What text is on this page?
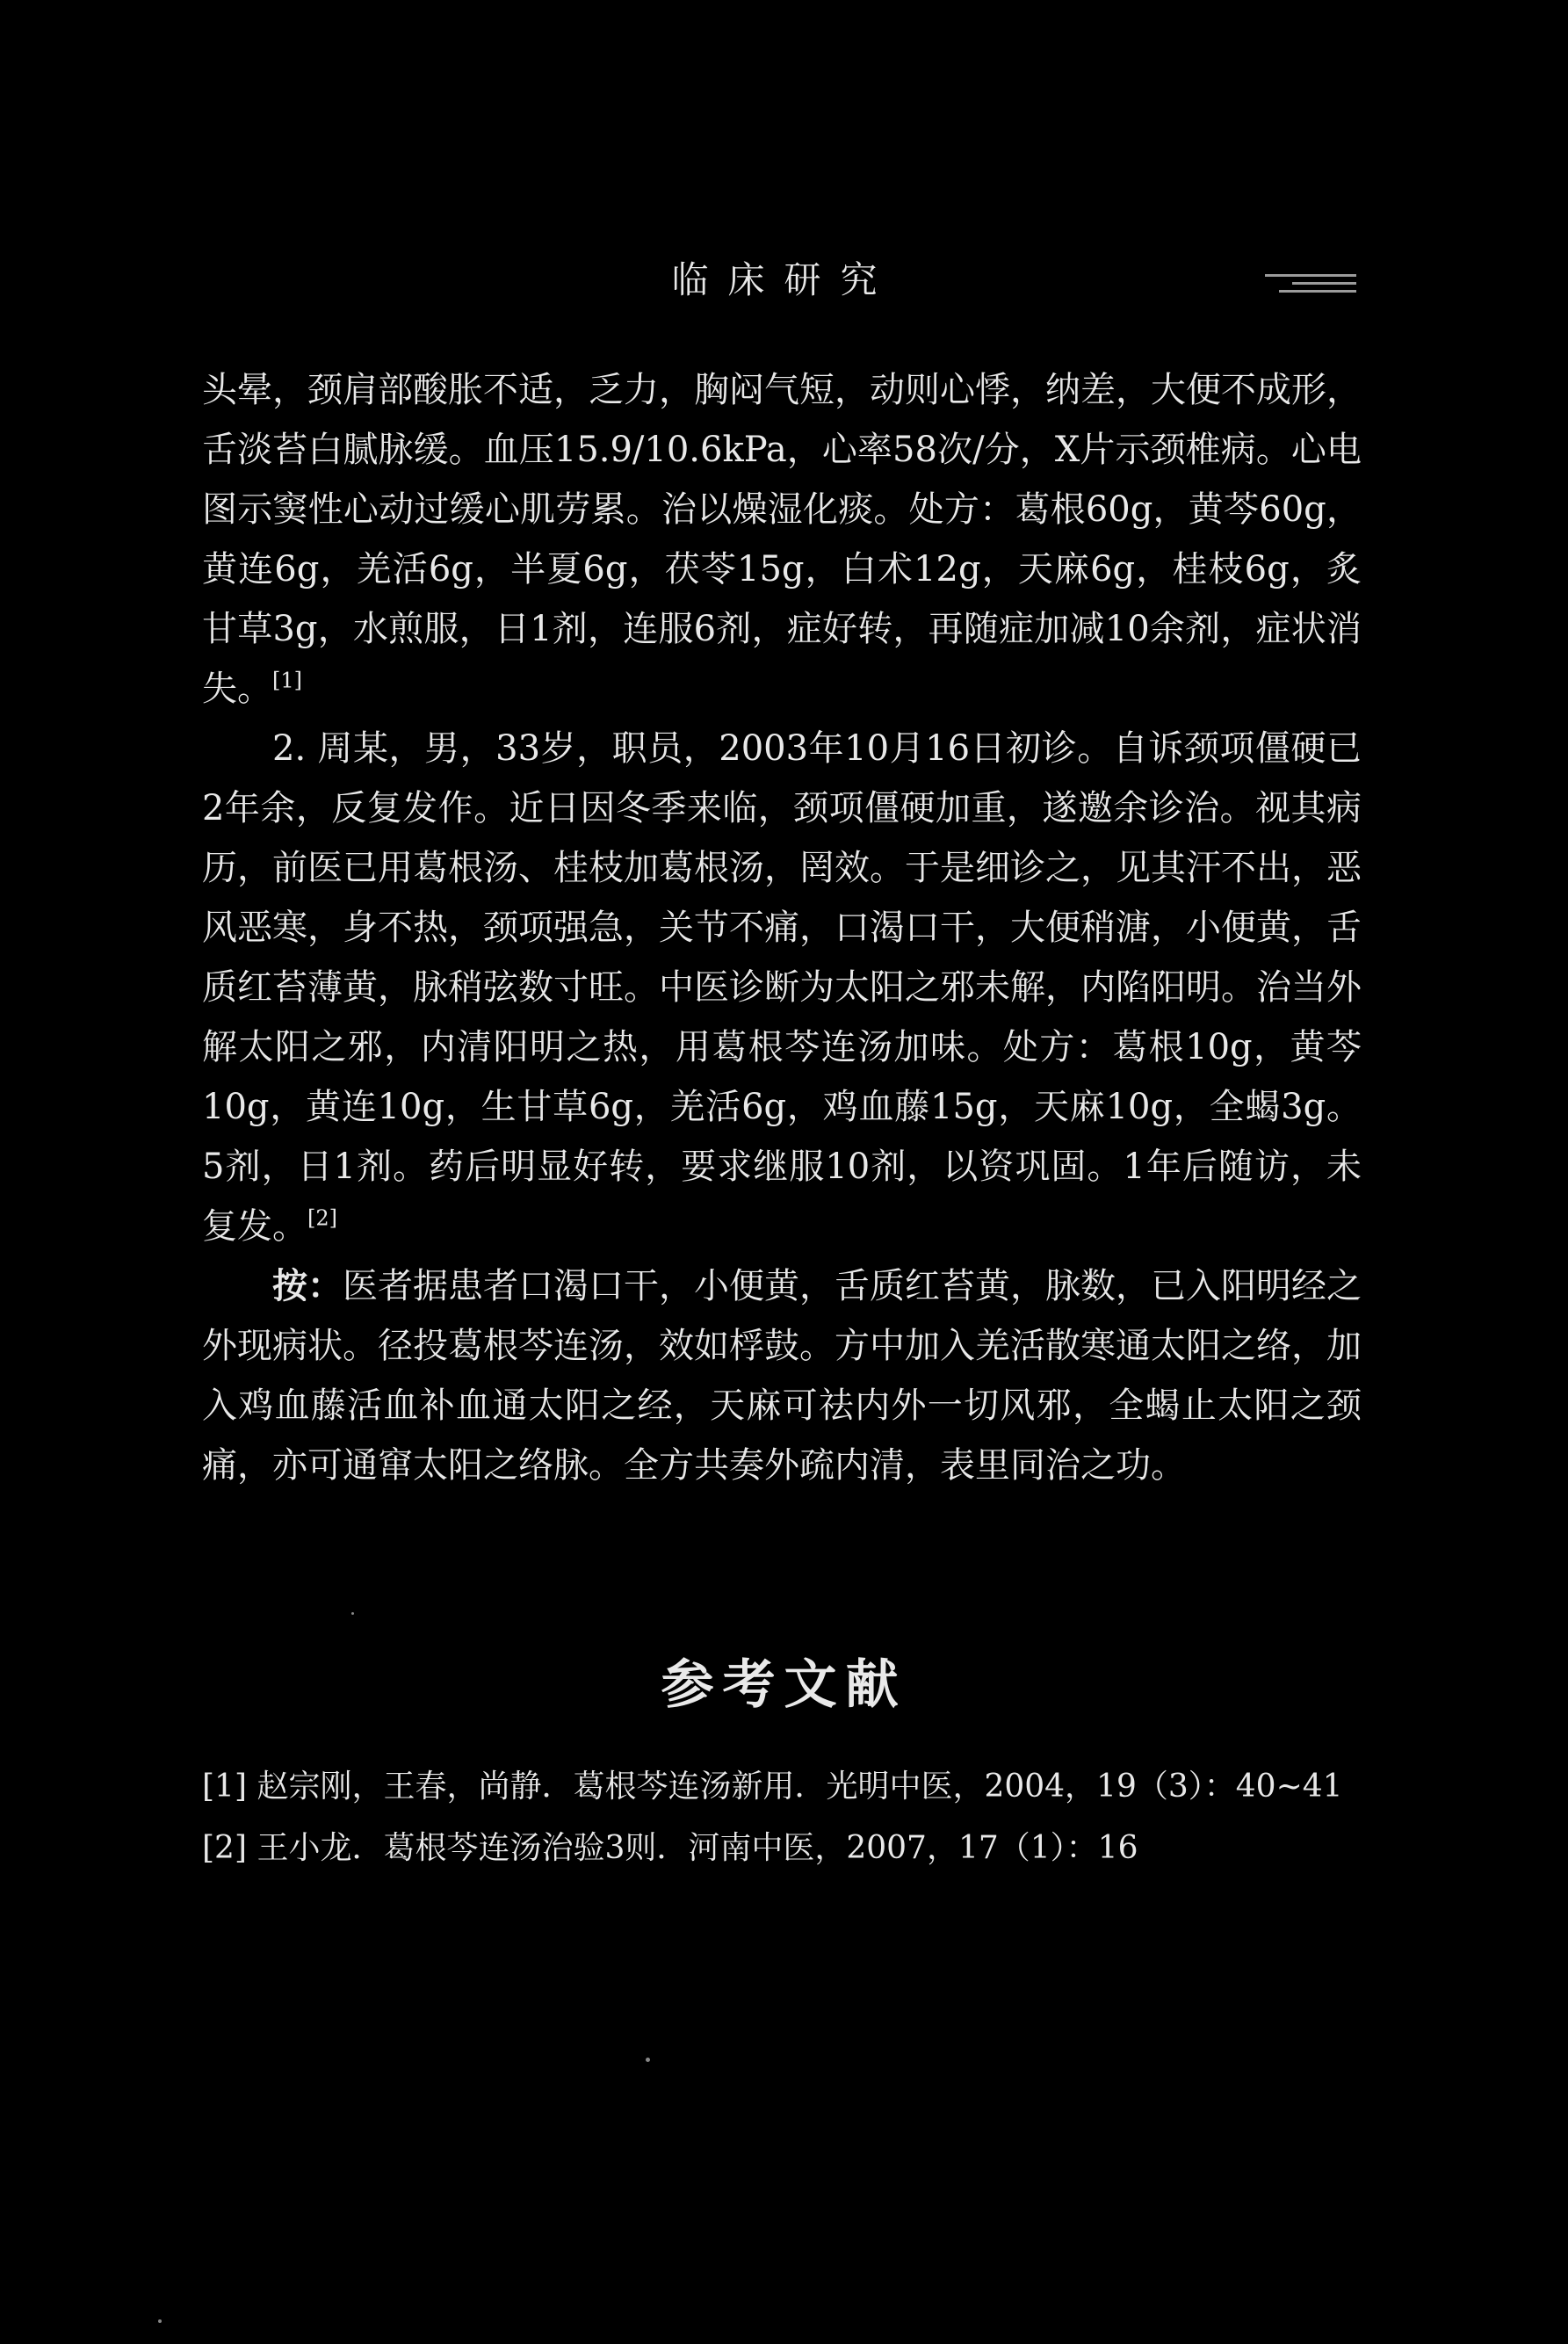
临床研究

头晕，颈肩部酸胀不适，乏力，胸闷气短，动则心悸，纳差，大便不成形，舌淡苔白腻脉缓。血压15.9/10.6kPa，心率58次/分，X片示颈椎病。心电图示窦性心动过缓心肌劳累。治以燥湿化痰。处方：葛根60g，黄芩60g，黄连6g，羌活6g，半夏6g，茯苓15g，白术12g，天麻6g，桂枝6g，炙甘草3g，水煎服，日1剂，连服6剂，症好转，再随症加减10余剂，症状消失。[1]

2. 周某，男，33岁，职员，2003年10月16日初诊。自诉颈项僵硬已2年余，反复发作。近日因冬季来临，颈项僵硬加重，遂邀余诊治。视其病历，前医已用葛根汤、桂枝加葛根汤，罔效。于是细诊之，见其汗不出，恶风恶寒，身不热，颈项强急，关节不痛，口渴口干，大便稍溏，小便黄，舌质红苔薄黄，脉稍弦数寸旺。中医诊断为太阳之邪未解，内陷阳明。治当外解太阳之邪，内清阳明之热，用葛根芩连汤加味。处方：葛根10g，黄芩10g，黄连10g，生甘草6g，羌活6g，鸡血藤15g，天麻10g，全蝎3g。5剂，日1剂。药后明显好转，要求继服10剂，以资巩固。1年后随访，未复发。[2]

按：医者据患者口渴口干，小便黄，舌质红苔黄，脉数，已入阳明经之外现病状。径投葛根芩连汤，效如桴鼓。方中加入羌活散寒通太阳之络，加入鸡血藤活血补血通太阳之经，天麻可祛内外一切风邪，全蝎止太阳之颈痛，亦可通窜太阳之络脉。全方共奏外疏内清，表里同治之功。

参考文献

[1] 赵宗刚，王春，尚静．葛根芩连汤新用．光明中医，2004，19（3）：40~41

[2] 王小龙．葛根芩连汤治验3则．河南中医，2007，17（1）：16
